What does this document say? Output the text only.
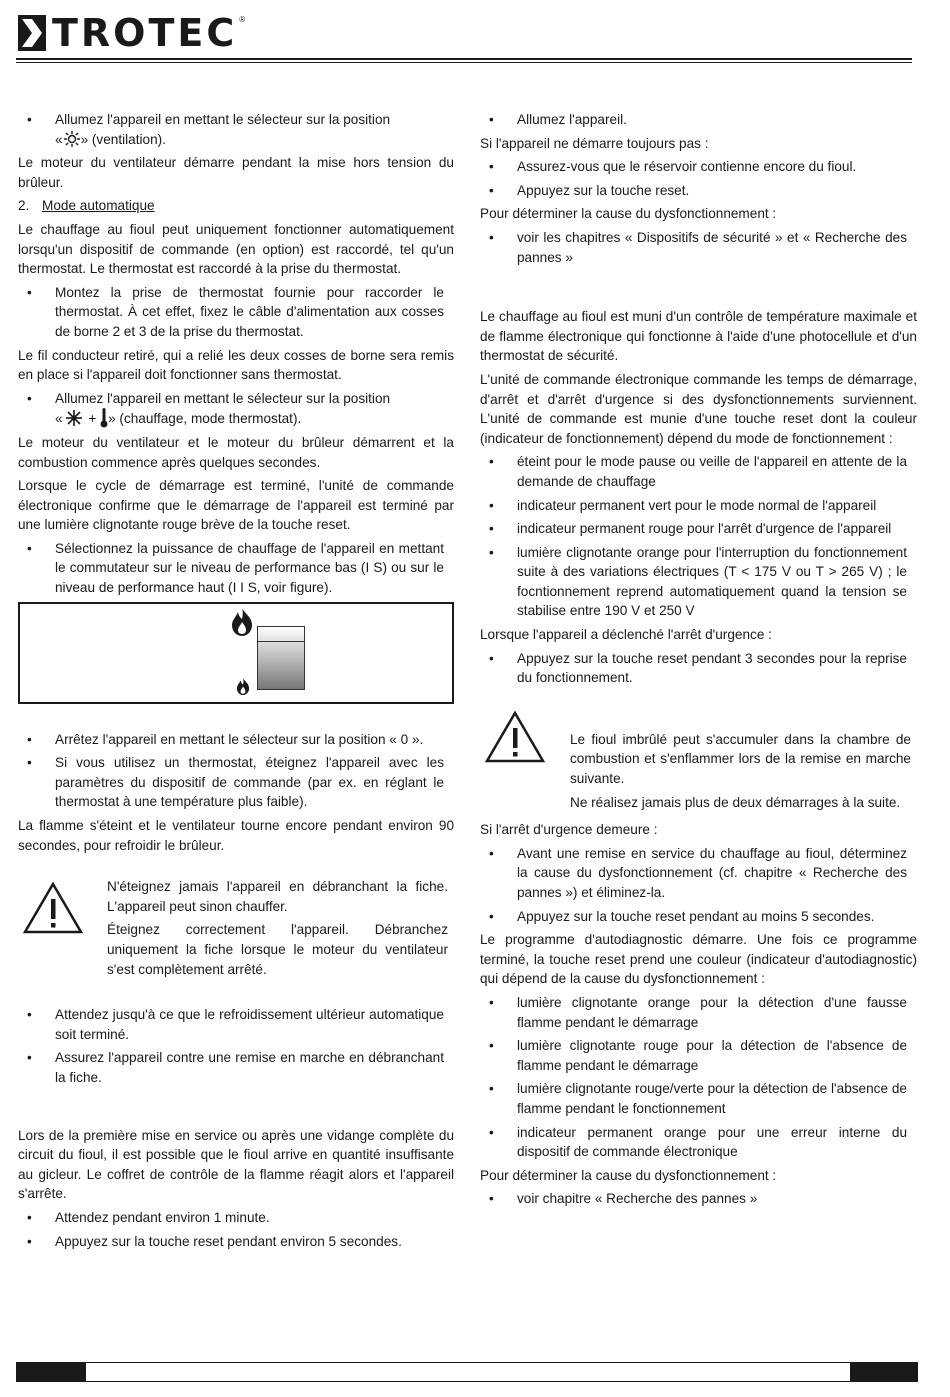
TROTEC ®
• Allumez l'appareil en mettant le sélecteur sur la position
« » (ventilation).

Le moteur du ventilateur démarre pendant la mise hors tension du brûleur.

2. Mode automatique

Le chauffage au fioul peut uniquement fonctionner automatiquement lorsqu'un dispositif de commande (en option) est raccordé, tel qu'un thermostat. Le thermostat est raccordé à la prise du thermostat.

• Montez la prise de thermostat fournie pour raccorder le thermostat. À cet effet, fixez le câble d'alimentation aux cosses de borne 2 et 3 de la prise du thermostat.

Le fil conducteur retiré, qui a relié les deux cosses de borne sera remis en place si l'appareil doit fonctionner sans thermostat.

• Allumez l'appareil en mettant le sélecteur sur la position
« + » (chauffage, mode thermostat).

Le moteur du ventilateur et le moteur du brûleur démarrent et la combustion commence après quelques secondes.

Lorsque le cycle de démarrage est terminé, l'unité de commande électronique confirme que le démarrage de l'appareil est terminé par une lumière clignotante rouge brève de la touche reset.

• Sélectionnez la puissance de chauffage de l'appareil en mettant le commutateur sur le niveau de performance bas (I S) ou sur le niveau de performance haut (I I S, voir figure).
• Arrêtez l'appareil en mettant le sélecteur sur la position « 0 ».
• Si vous utilisez un thermostat, éteignez l'appareil avec les paramètres du dispositif de commande (par ex. en réglant le thermostat à une température plus faible).

La flamme s'éteint et le ventilateur tourne encore pendant environ 90 secondes, pour refroidir le brûleur.

N'éteignez jamais l'appareil en débranchant la fiche. L'appareil peut sinon chauffer.

Éteignez correctement l'appareil. Débranchez uniquement la fiche lorsque le moteur du ventilateur s'est complètement arrêté.

• Attendez jusqu'à ce que le refroidissement ultérieur automatique soit terminé.
• Assurez l'appareil contre une remise en marche en débranchant la fiche.

Lors de la première mise en service ou après une vidange complète du circuit du fioul, il est possible que le fioul arrive en quantité insuffisante au gicleur. Le coffret de contrôle de la flamme réagit alors et l'appareil s'arrête.

• Attendez pendant environ 1 minute.
• Appuyez sur la touche reset pendant environ 5 secondes.
• Allumez l'appareil.

Si l'appareil ne démarre toujours pas :

• Assurez-vous que le réservoir contienne encore du fioul.
• Appuyez sur la touche reset.

Pour déterminer la cause du dysfonctionnement :

• voir les chapitres « Dispositifs de sécurité » et « Recherche des pannes »

Le chauffage au fioul est muni d'un contrôle de température maximale et de flamme électronique qui fonctionne à l'aide d'une photocellule et d'un thermostat de sécurité.

L'unité de commande électronique commande les temps de démarrage, d'arrêt et d'arrêt d'urgence si des dysfonctionnements surviennent. L'unité de commande est munie d'une touche reset dont la couleur (indicateur de fonctionnement) dépend du mode de fonctionnement :

• éteint pour le mode pause ou veille de l'appareil en attente de la demande de chauffage
• indicateur permanent vert pour le mode normal de l'appareil
• indicateur permanent rouge pour l'arrêt d'urgence de l'appareil
• lumière clignotante orange pour l'interruption du fonctionnement suite à des variations électriques (T < 175 V ou T > 265 V) ; le focntionnement reprend automatiquement quand la tension se stabilise entre 190 V et 250 V

Lorsque l'appareil a déclenché l'arrêt d'urgence :

• Appuyez sur la touche reset pendant 3 secondes pour la reprise du fonctionnement.

Le fioul imbrûlé peut s'accumuler dans la chambre de combustion et s'enflammer lors de la remise en marche suivante.

Ne réalisez jamais plus de deux démarrages à la suite.

Si l'arrêt d'urgence demeure :

• Avant une remise en service du chauffage au fioul, déterminez la cause du dysfonctionnement (cf. chapitre « Recherche des pannes ») et éliminez-la.
• Appuyez sur la touche reset pendant au moins 5 secondes.

Le programme d'autodiagnostic démarre. Une fois ce programme terminé, la touche reset prend une couleur (indicateur d'autodiagnostic) qui dépend de la cause du dysfonctionnement :

• lumière clignotante orange pour la détection d'une fausse flamme pendant le démarrage
• lumière clignotante rouge pour la détection de l'absence de flamme pendant le démarrage
• lumière clignotante rouge/verte pour la détection de l'absence de flamme pendant le fonctionnement
• indicateur permanent orange pour une erreur interne du dispositif de commande électronique

Pour déterminer la cause du dysfonctionnement :

• voir chapitre « Recherche des pannes »
